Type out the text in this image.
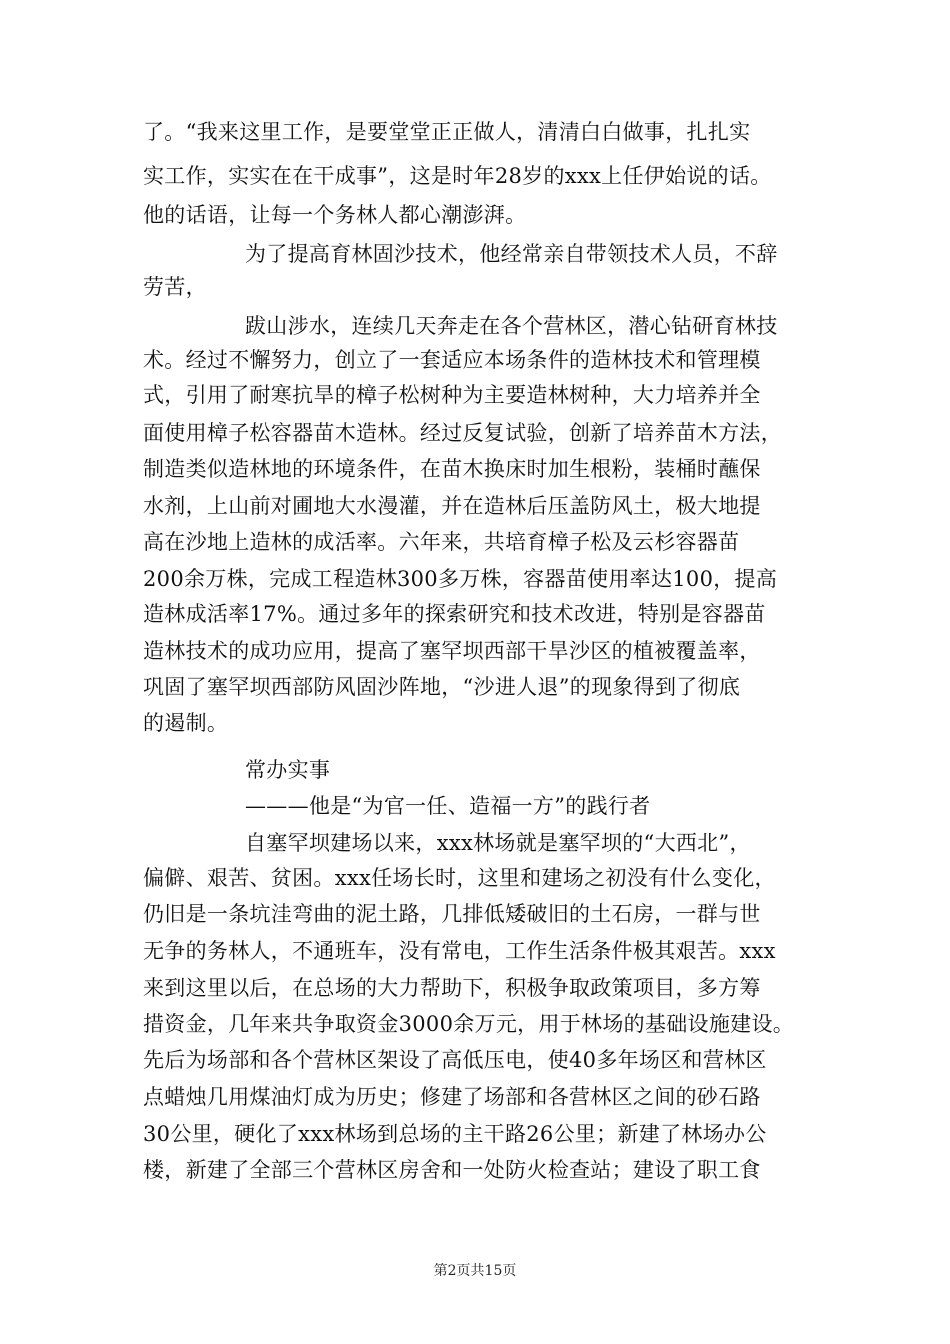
了。“我来这里工作，是要堂堂正正做人，清清白白做事，扎扎实
实工作，实实在在干成事”，这是时年28岁的xxx上任伊始说的话。
他的话语，让每一个务林人都心潮澎湃。
为了提高育林固沙技术，他经常亲自带领技术人员，不辞
劳苦，
跋山涉水，连续几天奔走在各个营林区，潜心钻研育林技
术。经过不懈努力，创立了一套适应本场条件的造林技术和管理模
式，引用了耐寒抗旱的樟子松树种为主要造林树种，大力培养并全
面使用樟子松容器苗木造林。经过反复试验，创新了培养苗木方法，
制造类似造林地的环境条件，在苗木换床时加生根粉，装桶时蘸保
水剂，上山前对圃地大水漫灌，并在造林后压盖防风土，极大地提
高在沙地上造林的成活率。六年来，共培育樟子松及云杉容器苗
200余万株，完成工程造林300多万株，容器苗使用率达100，提高
造林成活率17%。通过多年的探索研究和技术改进，特别是容器苗
造林技术的成功应用，提高了塞罕坝西部干旱沙区的植被覆盖率，
巩固了塞罕坝西部防风固沙阵地，“沙进人退”的现象得到了彻底
的遏制。
常办实事
———他是“为官一任、造福一方”的践行者
自塞罕坝建场以来，xxx林场就是塞罕坝的“大西北”，
偏僻、艰苦、贫困。xxx任场长时，这里和建场之初没有什么变化，
仍旧是一条坑洼弯曲的泥土路，几排低矮破旧的土石房，一群与世
无争的务林人，不通班车，没有常电，工作生活条件极其艰苦。xxx
来到这里以后，在总场的大力帮助下，积极争取政策项目，多方筹
措资金，几年来共争取资金3000余万元，用于林场的基础设施建设。
先后为场部和各个营林区架设了高低压电，使40多年场区和营林区
点蜡烛几用煤油灯成为历史；修建了场部和各营林区之间的砂石路
30公里，硬化了xxx林场到总场的主干路26公里；新建了林场办公
楼，新建了全部三个营林区房舍和一处防火检查站；建设了职工食
第2页共15页
